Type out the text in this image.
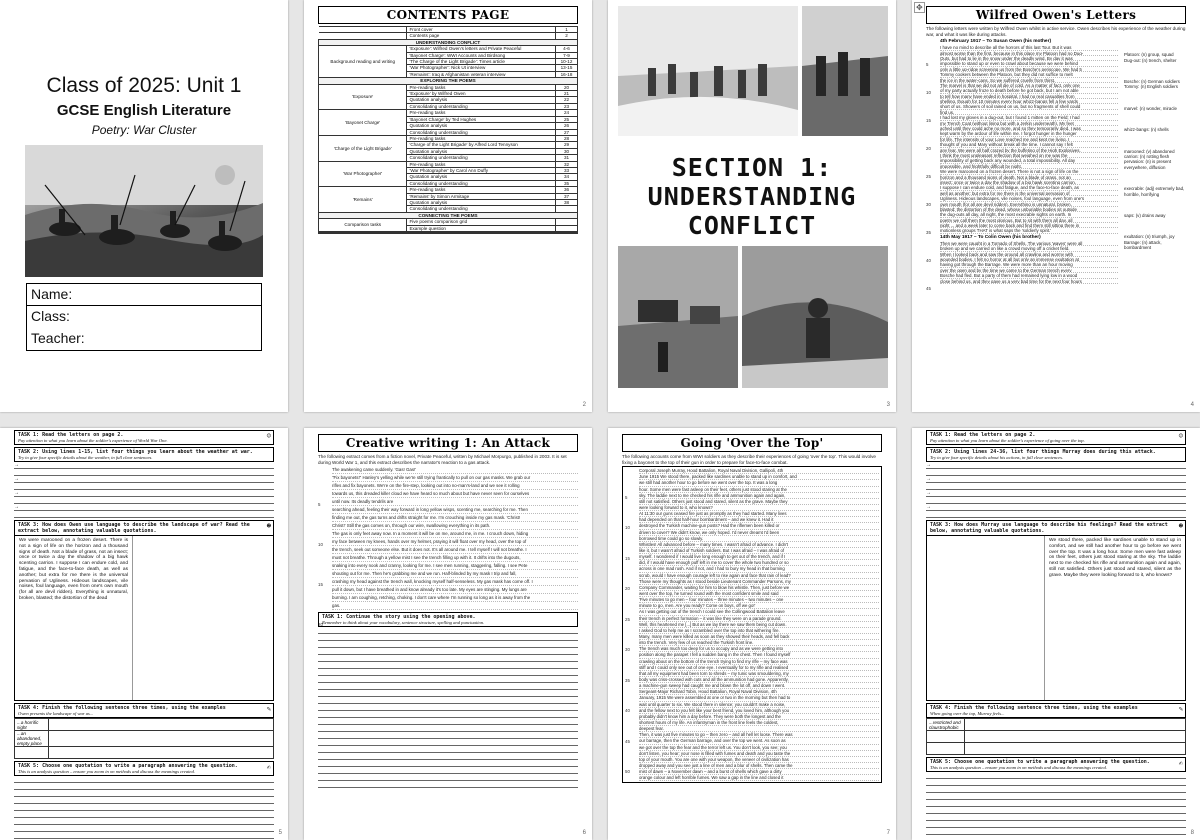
Class of 2025: Unit 1
GCSE English Literature
Poetry: War Cluster
Name:
Class:
Teacher:
CONTENTS PAGE
	Front cover	1
	Contents page	2
UNDERSTANDING CONFLICT		
Background reading and writing	'Exposure': Wilfred Owen's letters and Private Peaceful	4-6
	'Bayonet Charge': WWI Accounts and Birdsong	7-9
	'The Charge of the Light Brigade': Times article	10-12
	'War Photographer': Nick Ut interview	13-15
	'Remains': Iraq & Afghanistan veteran interview	16-18
EXPLORING THE POEMS		
'Exposure'	Pre-reading tasks	20
	'Exposure' by Wilfred Owen	21
	Quotation analysis	22
	Consolidating understanding	23
'Bayonet Charge'	Pre-reading tasks	24
	'Bayonet Charge' by Ted Hughes	25
	Quotation analysis	26
	Consolidating understanding	27
'Charge of the Light Brigade'	Pre-reading tasks	28
	'Charge of the Light Brigade' by Alfred Lord Tennyson	29
	Quotation analysis	30
	Consolidating understanding	31
'War Photographer'	Pre-reading tasks	32
	'War Photographer' by Carol Ann Duffy	33
	Quotation analysis	34
	Consolidating understanding	35
'Remains'	Pre-reading tasks	36
	'Remains' by Simon Armitage	37
	Quotation analysis	38
	Consolidating understanding	
CONNECTING THE POEMS		
Comparison tasks	Five poems comparison grid	
	Example question	

2
SECTION 1:
UNDERSTANDING
CONFLICT
3
✥
Wilfred Owen's Letters
The following letters were written by Wilfred Owen whilst in active service. Owen describes his experience of the weather during war, and what it was like during attacks.
5
10
15
20
25
30
35
40
45
4th February 1917 – To Susan Owen (his mother)
I have no mind to describe all the horrors of this last Tour. But it was
almost worse than the first, because in this place my Platoon had no Dug-
Outs, but had to lie in the snow under the deadly wind. By day it was
impossible to stand up or even to crawl about because we were behind
only a little up-ridge screening us from the Bosche's periscope. We had 5
Tommy cookers between the Platoon, but they did not suffice to melt
the ice in the water-cans. So we suffered cruelly from thirst.
The marvel is that we did not all die of cold. As a matter of fact, only one
of my party actually froze to death before he got back, but I am not able
to tell how many have ended in hospital. I had no real casualties from
shelling, though for 10 minutes every hour whizz-bangs fell a few yards
short of us. Showers of soil rained on us, but no fragments of shell could
find us.
I had lost my gloves in a dug-out, but I found 1 mitten on the Field; I had
my Trench Coat (without lining but with a Jerkin underneath). My feet
ached until they could ache no more, and so they temporarily died. I was
kept warm by the ardour of life within me. I forgot hunger in the hunger
for life. The intensity of your Love reached me and kept me living. I
thought of you and Mary without break all the time. I cannot say I felt
any fear. We were all half crazed by the buffeting of the High Explosives.
I think the most unpleasant reflection that weighed on me was the
impossibility of getting back any wounded, a total impossibility. All day
impossible, and frightfully difficult by night.
We were marooned on a frozen desert. There is not a sign of life on the
horizon and a thousand signs of death. Not a blade of grass, not an
insect; once or twice a day the shadow of a big hawk scenting carrion.
I suppose I can endure cold, and fatigue, and the face-to-face death, as
well as another; but extra for me there is the universal pervasion of
Ugliness. Hideous landscapes, vile noises, foul language, even from one's
own mouth (for all are devil ridden). Everything is unnatural, broken,
blasted; the distortion of the dead, whose unburiable bodies sit outside
the dug-outs all day, all night, the most execrable sights on earth. In
poetry we call them the most glorious. But to sit with them all day, all
night ... and a week later to come back and find them still sitting there in
motionless groups THAT is what saps the 'soldierly spirit.'
14th May 1917 – To Colin Owen (his brother)
Then we were caught in a Tornado of Shells. The various 'waves' were all
broken up and we carried on like a crowd moving off a cricket field.
When I looked back and saw the ground all crawling and wormy with
wounded bodies, I felt no horror at all but only an immense exultation at
having got through the Barrage. We were more than an hour moving
over the open and by the time we came to the German trench every
Bosche had fled. But a party of them had remained lying low in a wood
close behind us, and they gave us a very bad time for the next four hours
Platoon: (n) group, squad
Dug-out: (n) trench, shelter
Bosche: (n) German soldiers
Tommy: (n) English soldiers
marvel: (n) wonder, miracle
whizz-bangs: (n) shells
marooned: (v) abandoned
carrion: (n) rotting flesh
pervasion: (n) is present everywhere, diffusion
execrable: (adj) extremely bad, horrible, horrifying
saps: (v) drains away
exultation: (n) triumph, joy
Barrage: (n) attack, bombardment
4
TASK 1: Read the letters on page 2.
Pay attention to what you learn about the soldier's experience of World War One.
☺
TASK 2: Using lines 1-15, list four things you learn about the weather at war.
Try to give four specific details about the weather, in full clear sentences.
→
→
→
→
TASK 3: How does Owen use language to describe the landscape of war? Read the extract below, annotating valuable quotations.
☻
We were marooned on a frozen desert. There is not a sign of life on the horizon and a thousand signs of death. Not a blade of grass, not an insect; once or twice a day the shadow of a big hawk scenting carrion. I suppose I can endure cold, and fatigue, and the face-to-face death, as well as another; but extra for me there is the universal pervasion of Ugliness. Hideous landscapes, vile noises, foul language, even from one's own mouth (for all are devil ridden). Everything is unnatural, broken, blasted; the distortion of the dead
TASK 4: Finish the following sentence three times, using the examples
Owen presents the landscape of war as...
✎
...a horrific sight	
...an abandoned, empty place	

TASK 5: Choose one quotation to write a paragraph answering the question.
This is an analysis question – ensure you zoom in on methods and discuss the meanings created.
✍
5
Creative writing 1: An Attack
The following extract comes from a fiction novel, Private Peaceful, written by Michael Morpurgo, published in 2003. It is set during World War 1, and this extract describes the narrator's reaction to a gas attack.
5
10
15
20
The awakening came suddenly. 'Gas! Gas!'
"Fix bayonets!" Hanley's yelling while we're still trying frantically to pull on our gas masks. We grab our
rifles and fix bayonets. We're on the fire-step, looking out into no-man's-land and we see it rolling
towards us, this dreaded killer cloud we have heard so much about but have never seen for ourselves
until now. Its deadly tendrils are
searching ahead, feeling their way forward in long yellow wisps, scenting me, searching for me. Then
finding me out, the gas turns and drifts straight for me. I'm crouching inside my gas mask. 'Christ!
Christ!' Still the gas comes on, through our wire, swallowing everything in its path.
The gas is only feet away now. In a moment it will be on me, around me, in me. I crouch down, hiding
my face between my knees, hands over my helmet, praying it will float over my head, over the top of
the trench, seek out someone else. But it does not. It's all around me. I tell myself I will not breathe. I
must not breathe. Through a yellow mist I see the trench filling up with it. It drifts into the dugouts,
snaking into every nook and cranny, looking for me. I see men running, staggering, falling. I see Pete
shouting out for me. Then he's grabbing me and we run. Half-blinded by my mask I trip and fall,
crashing my head against the trench wall, knocking myself half-senseless. My gas mask has come off. I
pull it down, but I have breathed in and know already it's too late. My eyes are stinging. My lungs are
burning. I am coughing, retching, choking. I don't care where I'm running so long as it is away from the
gas.
TASK 1: Continue the story using the opening above.
Remember to think about your vocabulary, sentence structure, spelling and punctuation.
6
Going 'Over the Top'
The following accounts come from WWI soldiers as they describe their experiences of going 'over the top'. This would involve fixing a bayonet to the top of their gun in order to prepare for face-to-face combat.
5
10
15
20
25
30
35
40
45
50
Corporal Joseph Murray, Hood Battalion, Royal Naval Division, Gallipoli, 4th
June 1915 We stood there, packed like sardines unable to stand up in comfort, and
we still had another hour to go before we went over the top. It was a long
hour. Some men were fast asleep on their feet, others just stood staring at the
sky. The laddie next to me checked his rifle and ammunition again and again,
still not satisfied. Others just stood and stared, silent as the grave. Maybe they
were looking forward to it, who knows?
At 11:30 our guns ceased fire just as promptly as they had started. Many lives
had depended on that half-hour bombardment – and we knew it. Had it
destroyed the Turkish machine-gun posts? Had the riflemen been killed or
driven to cover? We didn't know, we only hoped. I'd never dreamt I'd been
borrowed time could go so slowly.
Whistles! All advanced before – many times. I wasn't afraid of advance. I didn't
like it, but I wasn't afraid of Turkish soldiers. But I was afraid – I was afraid of
myself. I wondered if I would live long enough to get out of the trench, and if I
did, if I would have enough puff left in me to cover the whole two hundred or so
across in one mad rush. And if not, and I had to bury my head in that burning
scrub, would I have enough courage left to rise again and face that rain of lead?
Those were my thoughts as I stood beside Lieutenant Commander Parsons, my
Company Commander, waiting for him to blow his whistle. Then, just before we
went over the top, he turned round with the most confident smile and said
'Five minutes to go men – four minutes – three minutes – two minutes – one
minute to go, men. Are you ready? Come on boys, off we go!'
As I was getting out of the trench I could see the Collingwood Battalion leave
their trench in perfect formation – it was like they were on a parade ground.
Well, this heartened me [...] But as we lay there we saw them being cut down.
I asked God to help me as I scrambled over the top into that withering fire.
Many, many men were killed as soon as they showed their heads, and fell back
into the trench. Very few of us reached the Turkish front line.
The trench was much too deep for us to occupy and as we were getting into
position along the parapet I fell a sudden bang in the chest. Then I found myself
crawling about on the bottom of the trench trying to find my rifle – my face was
stiff and I could only see out of one eye. I eventually for to my rifle and realised
that all my equipment had been torn to shreds – my tunic was smouldering, my
body was criss-crossed with cuts and all the ammunition had gone. Apparently,
a machine-gun sweep had caught me and blown the lot off, and down I went.
Sergeant-Major Richard Tobin, Hood Battalion, Royal Naval Division, 4th
January, 1915 We were assembled at one or two in the morning but then had to
wait until quarter to six. We stood there in silence; you couldn't make a noise,
and the fellow next to you felt like your best friend, you loved him, although you
probably didn't know him a day before. They were both the longest and the
shortest hours of my life. An infantryman in the front line feels the coldest,
deepest fear.
Then, it was just five minutes to go – then zero – and all hell let loose. There was
our barrage, then the German barrage, and over the top we went. As soon as
we got over the top the fear and the terror left us. You don't look, you see; you
don't listen, you hear; your nose is filled with fumes and death and you taste the
top of your mouth. You are one with your weapon, the veneer of civilization has
dropped away and you see just a line of men and a blur of shells. Then came the
mist of dawn – a November dawn – and a burst of shells which gave a dirty
orange colour and left horrible fumes. We saw a gap in the line and closed it
7
TASK 1: Read the letters on page 2.
Pay attention to what you learn about the soldier's experience of going over the top.
☺
TASK 2: Using lines 24-36, list four things Murray does during this attack.
Try to give four specific details about his actions, in full clear sentences.
→
→
→
→
TASK 3: How does Murray use language to describe his feelings? Read the extract below, annotating valuable quotations.
☻
We stood there, packed like sardines unable to stand up in comfort, and we still had another hour to go before we went over the top. It was a long hour. Some men were fast asleep on their feet, others just stood staring at the sky. The laddie next to me checked his rifle and ammunition again and again, still not satisfied. Others just stood and stared, silent as the grave. Maybe they were looking forward to it, who knows?
TASK 4: Finish the following sentence three times, using the examples
When going over the top, Murray feels...
✎
...restricted and claustrophobic	

TASK 5: Choose one quotation to write a paragraph answering the question.
This is an analysis question – ensure you zoom in on methods and discuss the meanings created.
✍
8
